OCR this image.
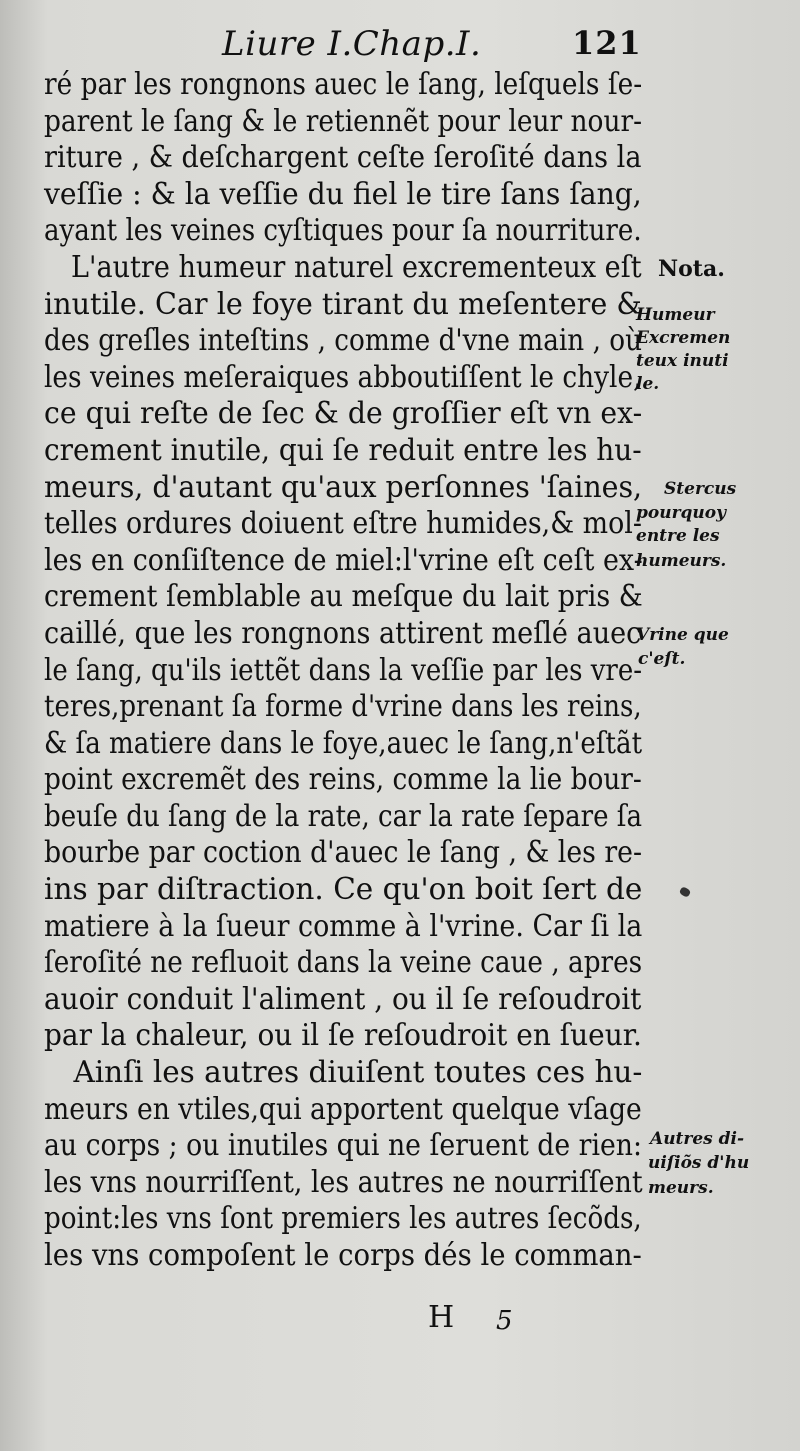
Liure I.Chap.I.	121
ré par les rongnons auec le ſang, leſquels ſe-
parent le ſang & le retiennẽt pour leur nour-
riture , & deſchargent ceſte ſeroſité dans la
veſſie : & la veſſie du fiel le tire ſans ſang,
ayant les veines cyſtiques pour ſa nourriture.
L'autre humeur naturel excrementeux eſt
inutile. Car le foye tirant du meſentere &
des greſles inteſtins , comme d'vne main , où
les veines meſeraiques abboutiſſent le chyle,
ce qui reſte de ſec & de groſſier eſt vn ex-
crement inutile, qui ſe reduit entre les hu-
meurs, d'autant qu'aux perſonnes 'ſaines,
telles ordures doiuent eſtre humides,& mol-
les en conſiſtence de miel:l'vrine eſt ceſt ex-
crement ſemblable au meſque du lait pris &
caillé, que les rongnons attirent meſlé auec
le ſang, qu'ils iettẽt dans la veſſie par les vre-
teres,prenant ſa forme d'vrine dans les reins,
& ſa matiere dans le foye,auec le ſang,n'eſtãt
point excremẽt des reins, comme la lie bour-
beuſe du ſang de la rate, car la rate ſepare ſa
bourbe par coction d'auec le ſang , & les re-
ins par diſtraction. Ce qu'on boit ſert de
matiere à la ſueur comme à l'vrine. Car ſi la
ſeroſité ne refluoit dans la veine caue , apres
auoir conduit l'aliment , ou il ſe reſoudroit
par la chaleur, ou il ſe reſoudroit en ſueur.
Ainſi les autres diuiſent toutes ces hu-
meurs en vtiles,qui apportent quelque vſage
au corps ; ou inutiles qui ne ſeruent de rien:
les vns nourriſſent, les autres ne nourriſſent
point:les vns ſont premiers les autres ſecõds,
les vns compoſent le corps dés le comman-
Nota.
Humeur
Excremen
teux inuti
le.
Stercus
pourquoy
entre les
humeurs.
Vrine que
c'eſt.
Autres di-
uiſiõs d'hu
meurs.
H 5
